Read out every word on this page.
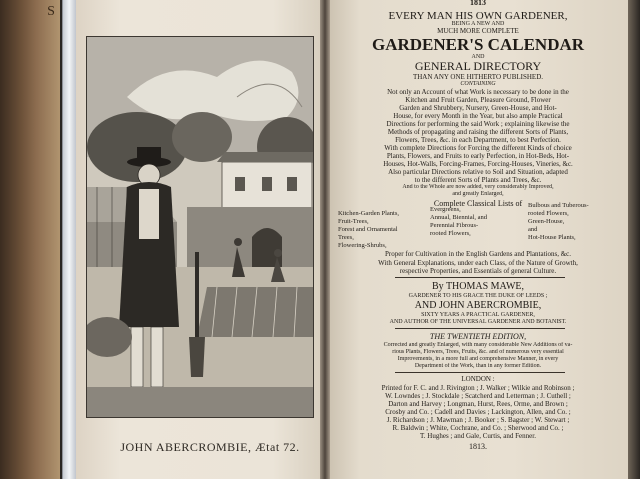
S
JOHN ABERCROMBIE, Ætat 72.

1813

EVERY MAN HIS OWN GARDENER,

BEING A NEW AND

MUCH MORE COMPLETE

GARDENER'S CALENDAR

AND

GENERAL DIRECTORY

THAN ANY ONE HITHERTO PUBLISHED.

CONTAINING

Not only an Account of what Work is necessary to be done in the

Kitchen and Fruit Garden, Pleasure Ground, Flower

Garden and Shrubbery, Nursery, Green-House, and Hot-

House, for every Month in the Year, but also ample Practical

Directions for performing the said Work ; explaining likewise the

Methods of propagating and raising the different Sorts of Plants,

Flowers, Trees, &c. in each Department, to best Perfection.

With complete Directions for Forcing the different Kinds of choice

Plants, Flowers, and Fruits to early Perfection, in Hot-Beds, Hot-

Houses, Hot-Walls, Forcing-Frames, Forcing-Houses, Vineries, &c.

Also particular Directions relative to Soil and Situation, adapted

to the different Sorts of Plants and Trees, &c.

And to the Whole are now added, very considerably Improved,

and greatly Enlarged,

Complete Classical Lists of

Kitchen-Garden Plants,
Fruit-Trees,
Forest and Ornamental
Trees,
Flowering-Shrubs,
Evergreens,
Annual, Biennial, and
Perennial Fibrous-
rooted Flowers,
Bulbous and Tuberous-
rooted Flowers,
Green-House,
and
Hot-House Plants,

Proper for Cultivation in the English Gardens and Plantations, &c.

With General Explanations, under each Class, of the Nature of Growth,

respective Properties, and Essentials of general Culture.

By THOMAS MAWE,

GARDENER TO HIS GRACE THE DUKE OF LEEDS ;

AND JOHN ABERCROMBIE,

SIXTY YEARS A PRACTICAL GARDENER,

AND AUTHOR OF THE UNIVERSAL GARDENER AND BOTANIST.

THE TWENTIETH EDITION,

Corrected and greatly Enlarged, with many considerable New Additions of va-

rious Plants, Flowers, Trees, Fruits, &c. and of numerous very essential

Improvements, in a more full and comprehensive Manner, in every

Department of the Work, than in any former Edition.

LONDON :

Printed for F. C. and J. Rivington ; J. Walker ; Wilkie and Robinson ;

W. Lowndes ; J. Stockdale ; Scatcherd and Letterman ; J. Cuthell ;

Darton and Harvey ; Longman, Hurst, Rees, Orme, and Brown ;

Crosby and Co. ; Cadell and Davies ; Lackington, Allen, and Co. ;

J. Richardson ; J. Mawman ; J. Booker ; S. Bagster ; W. Stewart ;

R. Baldwin ; White, Cochrane, and Co. ; Sherwood and Co. ;

T. Hughes ; and Gale, Curtis, and Fenner.

1813.
